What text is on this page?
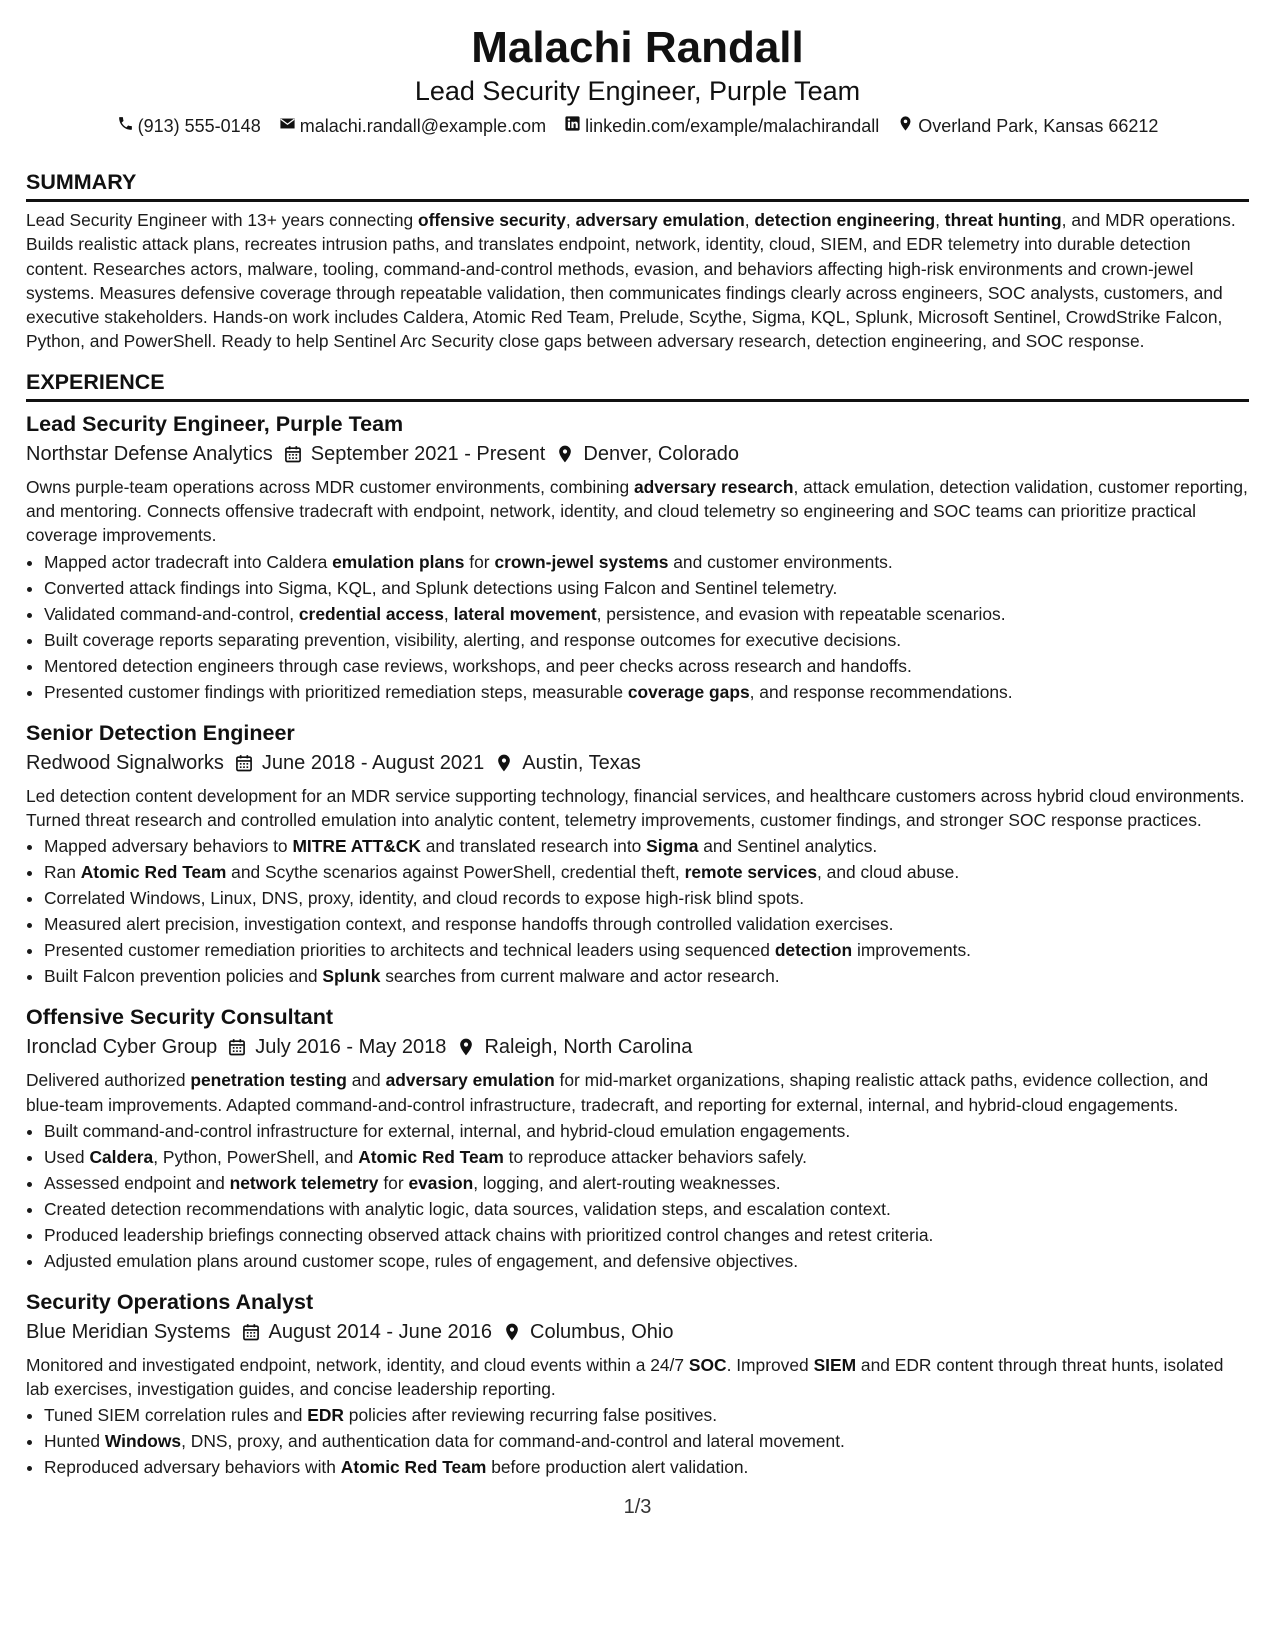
Malachi Randall
Lead Security Engineer, Purple Team
(913) 555-0148 malachi.randall@example.com linkedin.com/example/malachirandall Overland Park, Kansas 66212
SUMMARY
Lead Security Engineer with 13+ years connecting offensive security, adversary emulation, detection engineering, threat hunting, and MDR operations. Builds realistic attack plans, recreates intrusion paths, and translates endpoint, network, identity, cloud, SIEM, and EDR telemetry into durable detection content. Researches actors, malware, tooling, command-and-control methods, evasion, and behaviors affecting high-risk environments and crown-jewel systems. Measures defensive coverage through repeatable validation, then communicates findings clearly across engineers, SOC analysts, customers, and executive stakeholders. Hands-on work includes Caldera, Atomic Red Team, Prelude, Scythe, Sigma, KQL, Splunk, Microsoft Sentinel, CrowdStrike Falcon, Python, and PowerShell. Ready to help Sentinel Arc Security close gaps between adversary research, detection engineering, and SOC response.
EXPERIENCE
Lead Security Engineer, Purple Team
Northstar Defense Analytics September 2021 - Present Denver, Colorado
Owns purple-team operations across MDR customer environments, combining adversary research, attack emulation, detection validation, customer reporting, and mentoring. Connects offensive tradecraft with endpoint, network, identity, and cloud telemetry so engineering and SOC teams can prioritize practical coverage improvements.
• Mapped actor tradecraft into Caldera emulation plans for crown-jewel systems and customer environments.
• Converted attack findings into Sigma, KQL, and Splunk detections using Falcon and Sentinel telemetry.
• Validated command-and-control, credential access, lateral movement, persistence, and evasion with repeatable scenarios.
• Built coverage reports separating prevention, visibility, alerting, and response outcomes for executive decisions.
• Mentored detection engineers through case reviews, workshops, and peer checks across research and handoffs.
• Presented customer findings with prioritized remediation steps, measurable coverage gaps, and response recommendations.
Senior Detection Engineer
Redwood Signalworks June 2018 - August 2021 Austin, Texas
Led detection content development for an MDR service supporting technology, financial services, and healthcare customers across hybrid cloud environments. Turned threat research and controlled emulation into analytic content, telemetry improvements, customer findings, and stronger SOC response practices.
• Mapped adversary behaviors to MITRE ATT&CK and translated research into Sigma and Sentinel analytics.
• Ran Atomic Red Team and Scythe scenarios against PowerShell, credential theft, remote services, and cloud abuse.
• Correlated Windows, Linux, DNS, proxy, identity, and cloud records to expose high-risk blind spots.
• Measured alert precision, investigation context, and response handoffs through controlled validation exercises.
• Presented customer remediation priorities to architects and technical leaders using sequenced detection improvements.
• Built Falcon prevention policies and Splunk searches from current malware and actor research.
Offensive Security Consultant
Ironclad Cyber Group July 2016 - May 2018 Raleigh, North Carolina
Delivered authorized penetration testing and adversary emulation for mid-market organizations, shaping realistic attack paths, evidence collection, and blue-team improvements. Adapted command-and-control infrastructure, tradecraft, and reporting for external, internal, and hybrid-cloud engagements.
• Built command-and-control infrastructure for external, internal, and hybrid-cloud emulation engagements.
• Used Caldera, Python, PowerShell, and Atomic Red Team to reproduce attacker behaviors safely.
• Assessed endpoint and network telemetry for evasion, logging, and alert-routing weaknesses.
• Created detection recommendations with analytic logic, data sources, validation steps, and escalation context.
• Produced leadership briefings connecting observed attack chains with prioritized control changes and retest criteria.
• Adjusted emulation plans around customer scope, rules of engagement, and defensive objectives.
Security Operations Analyst
Blue Meridian Systems August 2014 - June 2016 Columbus, Ohio
Monitored and investigated endpoint, network, identity, and cloud events within a 24/7 SOC. Improved SIEM and EDR content through threat hunts, isolated lab exercises, investigation guides, and concise leadership reporting.
• Tuned SIEM correlation rules and EDR policies after reviewing recurring false positives.
• Hunted Windows, DNS, proxy, and authentication data for command-and-control and lateral movement.
• Reproduced adversary behaviors with Atomic Red Team before production alert validation.
1/3
